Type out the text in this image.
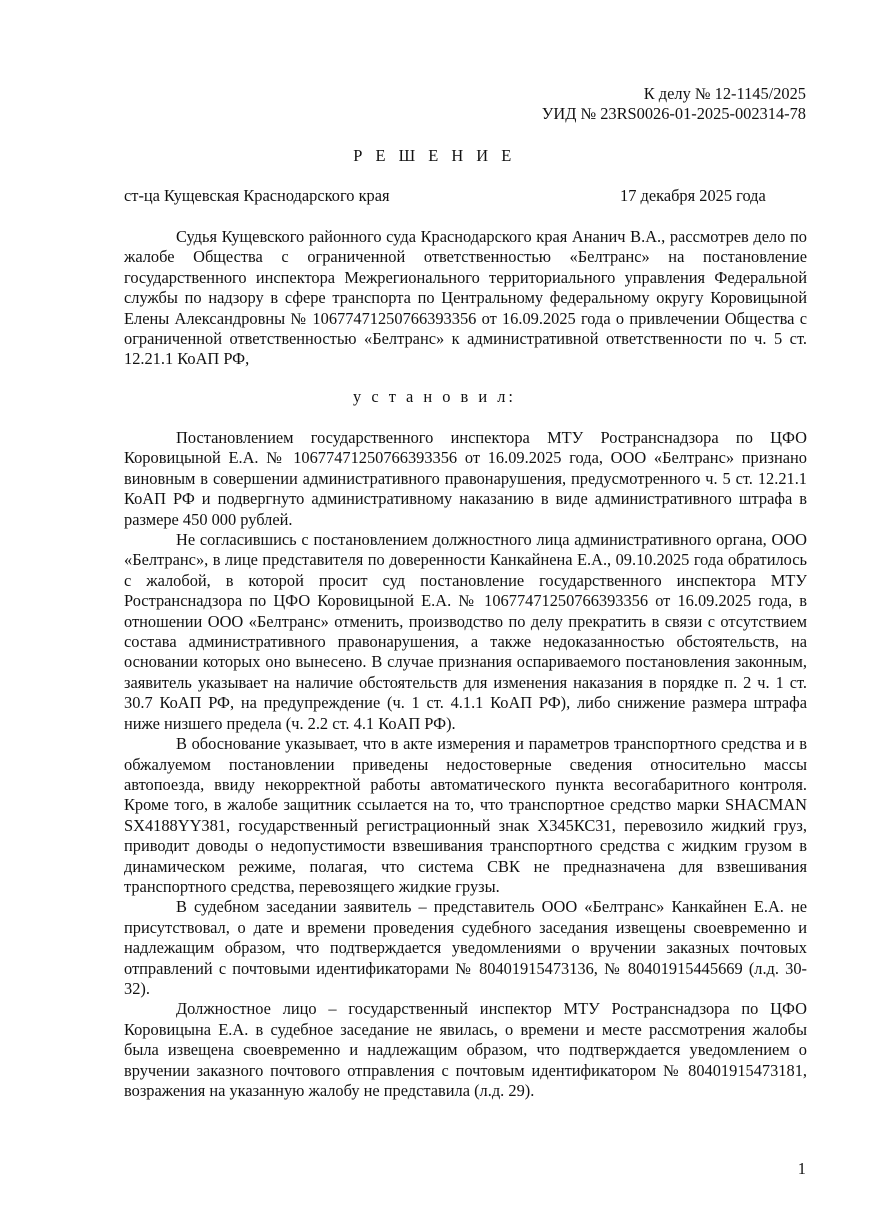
К делу № 12-1145/2025
УИД № 23RS0026-01-2025-002314-78
Р Е Ш Е Н И Е
ст-ца Кущевская Краснодарского края	17 декабря 2025 года

Судья Кущевского районного суда Краснодарского края Ананич В.А., рассмотрев дело по жалобе Общества с ограниченной ответственностью «Белтранс» на постановление государственного инспектора Межрегионального территориального управления Федеральной службы по надзору в сфере транспорта по Центральному федеральному округу Коровицыной Елены Александровны № 10677471250766393356 от 16.09.2025 года о привлечении Общества с ограниченной ответственностью «Белтранс» к административной ответственности по ч. 5 ст. 12.21.1 КоАП РФ,

у с т а н о в и л:

Постановлением государственного инспектора МТУ Ространснадзора по ЦФО Коровицыной Е.А. № 10677471250766393356 от 16.09.2025 года, ООО «Белтранс» признано виновным в совершении административного правонарушения, предусмотренного ч. 5 ст. 12.21.1 КоАП РФ и подвергнуто административному наказанию в виде административного штрафа в размере 450 000 рублей.

Не согласившись с постановлением должностного лица административного органа, ООО «Белтранс», в лице представителя по доверенности Канкайнена Е.А., 09.10.2025 года обратилось с жалобой, в которой просит суд постановление государственного инспектора МТУ Ространснадзора по ЦФО Коровицыной Е.А. № 10677471250766393356 от 16.09.2025 года, в отношении ООО «Белтранс» отменить, производство по делу прекратить в связи с отсутствием состава административного правонарушения, а также недоказанностью обстоятельств, на основании которых оно вынесено. В случае признания оспариваемого постановления законным, заявитель указывает на наличие обстоятельств для изменения наказания в порядке п. 2 ч. 1 ст. 30.7 КоАП РФ, на предупреждение (ч. 1 ст. 4.1.1 КоАП РФ), либо снижение размера штрафа ниже низшего предела (ч. 2.2 ст. 4.1 КоАП РФ).

В обоснование указывает, что в акте измерения и параметров транспортного средства и в обжалуемом постановлении приведены недостоверные сведения относительно массы автопоезда, ввиду некорректной работы автоматического пункта весогабаритного контроля. Кроме того, в жалобе защитник ссылается на то, что транспортное средство марки SHACMAN SX4188YY381, государственный регистрационный знак Х345КС31, перевозило жидкий груз, приводит доводы о недопустимости взвешивания транспортного средства с жидким грузом в динамическом режиме, полагая, что система СВК не предназначена для взвешивания транспортного средства, перевозящего жидкие грузы.

В судебном заседании заявитель – представитель ООО «Белтранс» Канкайнен Е.А. не присутствовал, о дате и времени проведения судебного заседания извещены своевременно и надлежащим образом, что подтверждается уведомлениями о вручении заказных почтовых отправлений с почтовыми идентификаторами № 80401915473136, № 80401915445669 (л.д. 30-32).

Должностное лицо – государственный инспектор МТУ Ространснадзора по ЦФО Коровицына Е.А. в судебное заседание не явилась, о времени и месте рассмотрения жалобы была извещена своевременно и надлежащим образом, что подтверждается уведомлением о вручении заказного почтового отправления с почтовым идентификатором № 80401915473181, возражения на указанную жалобу не представила (л.д. 29).

1
